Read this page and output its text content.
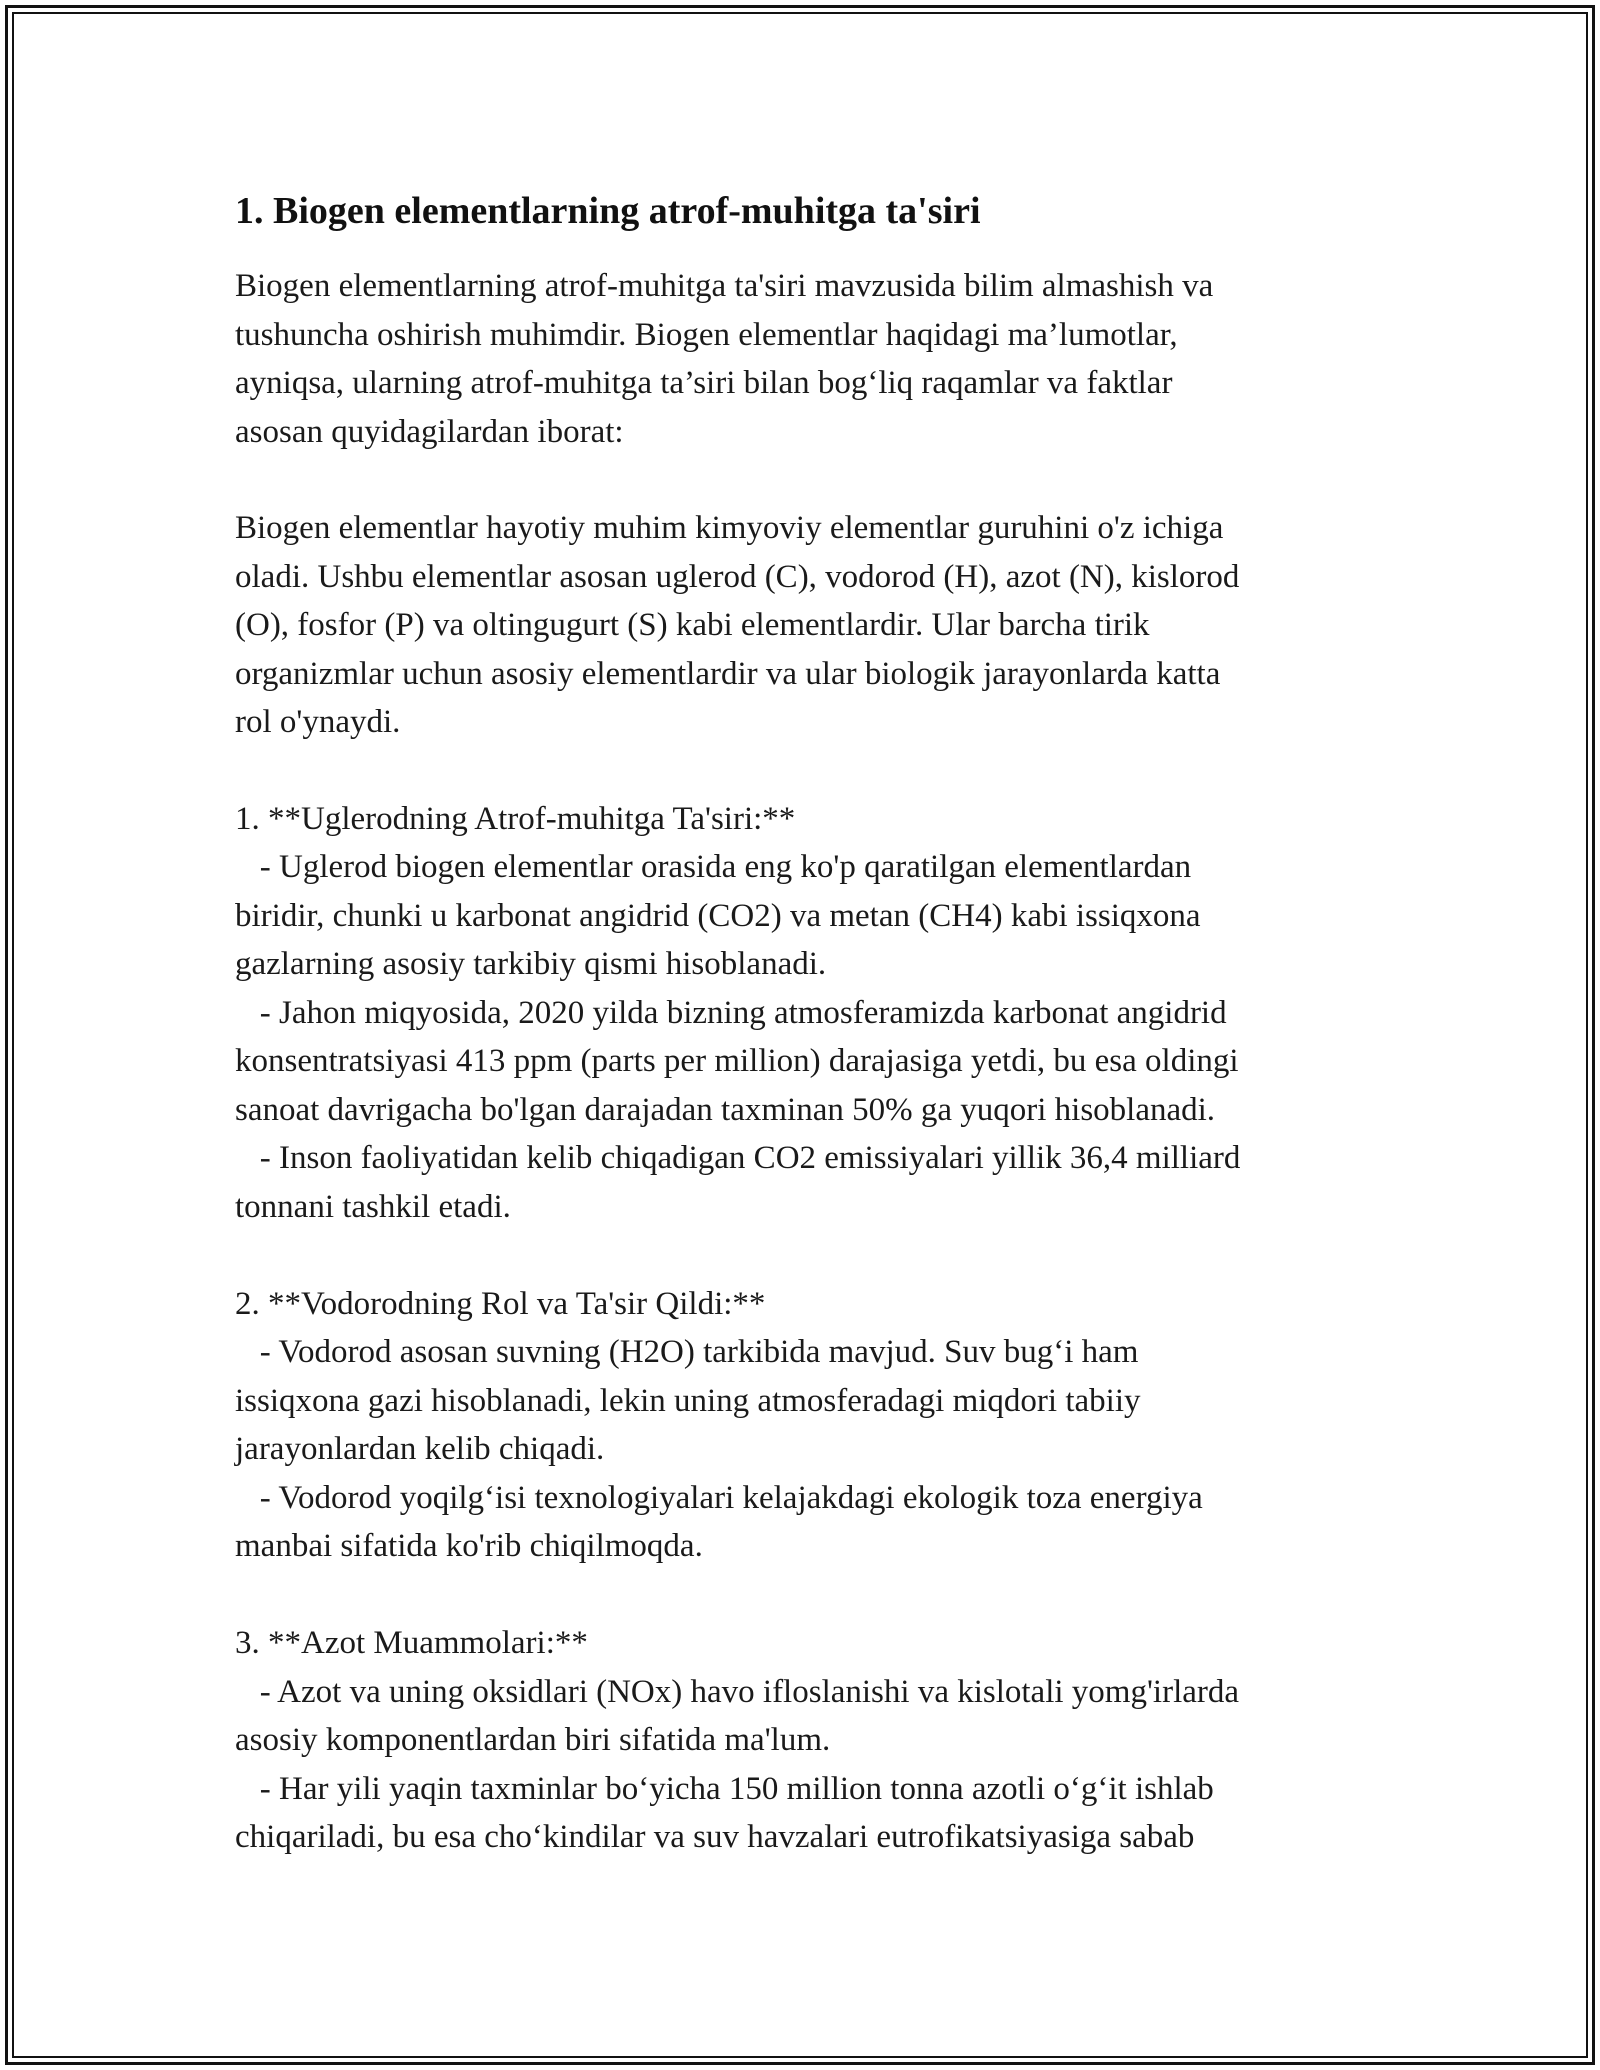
1. Biogen elementlarning atrof-muhitga ta'siri
Biogen elementlarning atrof-muhitga ta'siri mavzusida bilim almashish va
tushuncha oshirish muhimdir. Biogen elementlar haqidagi ma’lumotlar,
ayniqsa, ularning atrof-muhitga ta’siri bilan bog‘liq raqamlar va faktlar
asosan quyidagilardan iborat:
Biogen elementlar hayotiy muhim kimyoviy elementlar guruhini o'z ichiga
oladi. Ushbu elementlar asosan uglerod (C), vodorod (H), azot (N), kislorod
(O), fosfor (P) va oltingugurt (S) kabi elementlardir. Ular barcha tirik
organizmlar uchun asosiy elementlardir va ular biologik jarayonlarda katta
rol o'ynaydi.
1. **Uglerodning Atrof-muhitga Ta'siri:**
- Uglerod biogen elementlar orasida eng ko'p qaratilgan elementlardan
biridir, chunki u karbonat angidrid (CO2) va metan (CH4) kabi issiqxona
gazlarning asosiy tarkibiy qismi hisoblanadi.
- Jahon miqyosida, 2020 yilda bizning atmosferamizda karbonat angidrid
konsentratsiyasi 413 ppm (parts per million) darajasiga yetdi, bu esa oldingi
sanoat davrigacha bo'lgan darajadan taxminan 50% ga yuqori hisoblanadi.
- Inson faoliyatidan kelib chiqadigan CO2 emissiyalari yillik 36,4 milliard
tonnani tashkil etadi.
2. **Vodorodning Rol va Ta'sir Qildi:**
- Vodorod asosan suvning (H2O) tarkibida mavjud. Suv bug‘i ham
issiqxona gazi hisoblanadi, lekin uning atmosferadagi miqdori tabiiy
jarayonlardan kelib chiqadi.
- Vodorod yoqilg‘isi texnologiyalari kelajakdagi ekologik toza energiya
manbai sifatida ko'rib chiqilmoqda.
3. **Azot Muammolari:**
- Azot va uning oksidlari (NOx) havo ifloslanishi va kislotali yomg'irlarda
asosiy komponentlardan biri sifatida ma'lum.
- Har yili yaqin taxminlar bo‘yicha 150 million tonna azotli o‘g‘it ishlab
chiqariladi, bu esa cho‘kindilar va suv havzalari eutrofikatsiyasiga sabab
